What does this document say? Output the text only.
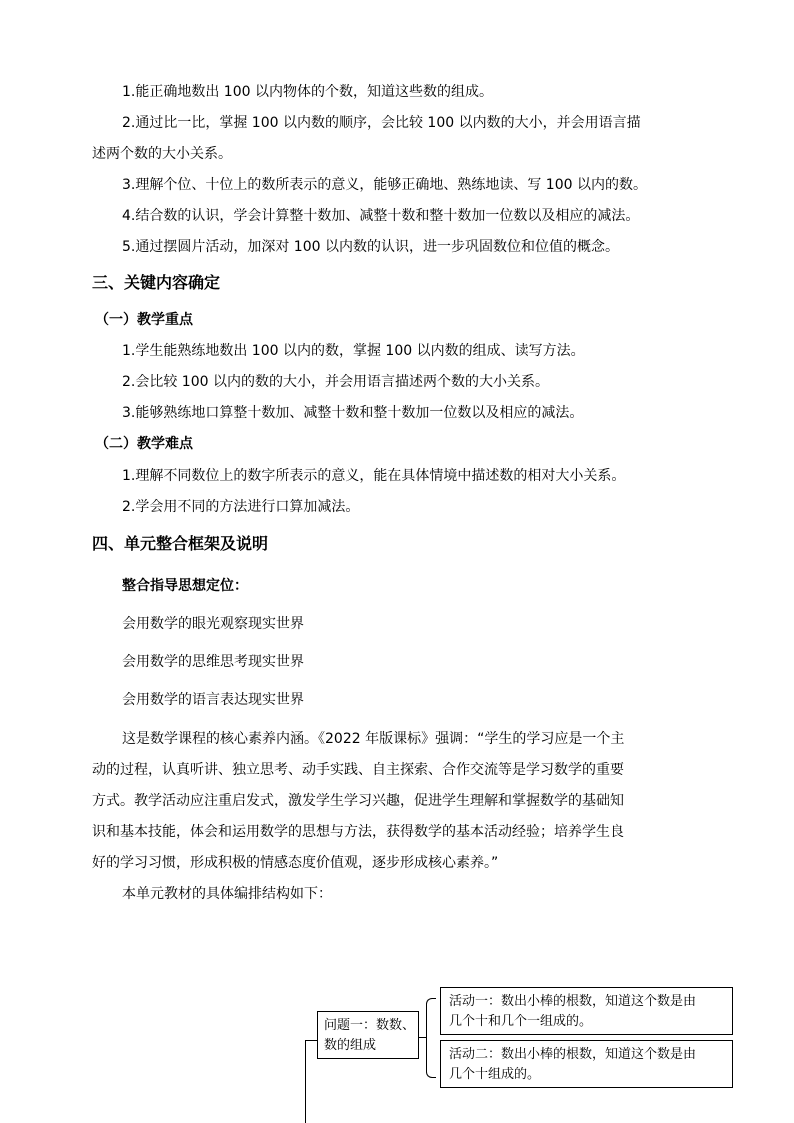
1.能正确地数出 100 以内物体的个数，知道这些数的组成。
2.通过比一比，掌握 100 以内数的顺序，会比较 100 以内数的大小，并会用语言描
述两个数的大小关系。
3.理解个位、十位上的数所表示的意义，能够正确地、熟练地读、写 100 以内的数。
4.结合数的认识，学会计算整十数加、减整十数和整十数加一位数以及相应的减法。
5.通过摆圆片活动，加深对 100 以内数的认识，进一步巩固数位和位值的概念。
三、关键内容确定
（一）教学重点
1.学生能熟练地数出 100 以内的数，掌握 100 以内数的组成、读写方法。
2.会比较 100 以内的数的大小，并会用语言描述两个数的大小关系。
3.能够熟练地口算整十数加、减整十数和整十数加一位数以及相应的减法。
（二）教学难点
1.理解不同数位上的数字所表示的意义，能在具体情境中描述数的相对大小关系。
2.学会用不同的方法进行口算加减法。
四、单元整合框架及说明
整合指导思想定位：
会用数学的眼光观察现实世界
会用数学的思维思考现实世界
会用数学的语言表达现实世界
这是数学课程的核心素养内涵。《2022 年版课标》强调：“学生的学习应是一个主
动的过程，认真听讲、独立思考、动手实践、自主探索、合作交流等是学习数学的重要
方式。教学活动应注重启发式，激发学生学习兴趣，促进学生理解和掌握数学的基础知
识和基本技能，体会和运用数学的思想与方法，获得数学的基本活动经验；培养学生良
好的学习习惯，形成积极的情感态度价值观，逐步形成核心素养。”
本单元教材的具体编排结构如下：
问题一：数数、
数的组成
活动一：数出小棒的根数，知道这个数是由
几个十和几个一组成的。
活动二：数出小棒的根数，知道这个数是由
几个十组成的。
